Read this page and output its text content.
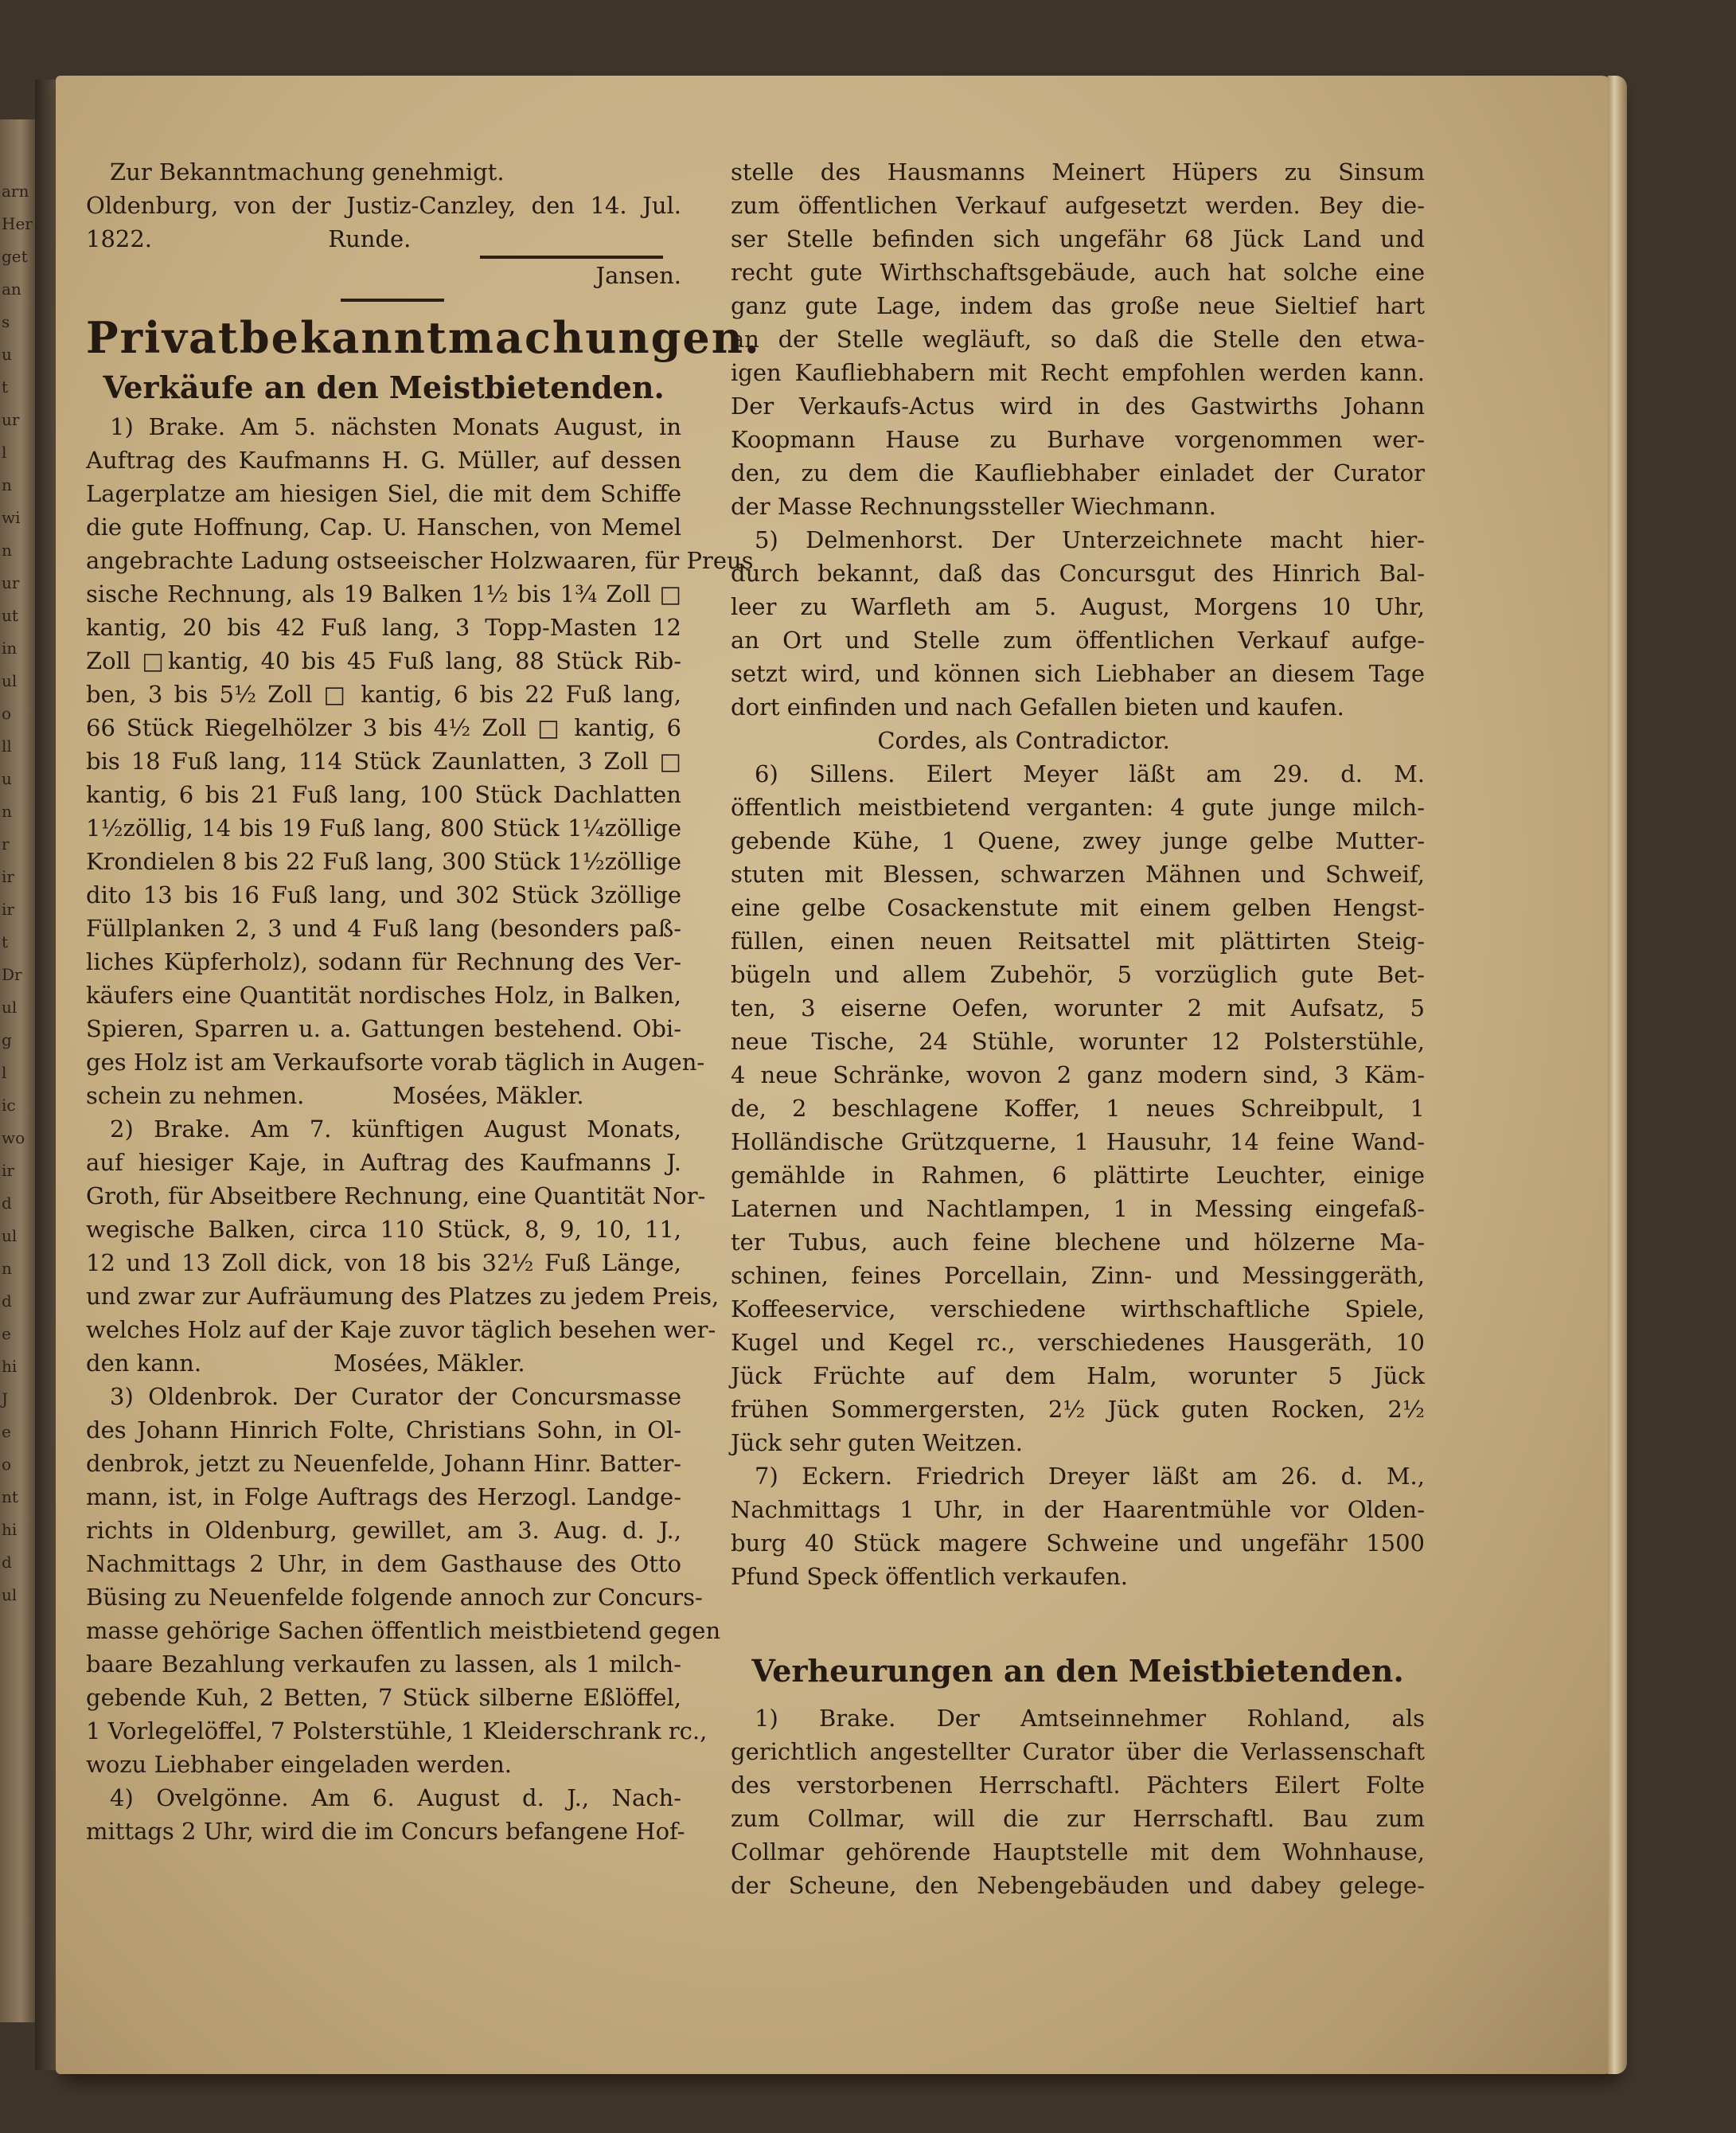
arn
Her
get
an
s
u
t
ur
l
n
wi
n
ur
ut
in
ul
o
ll
u
n
r
ir
ir
t
Dr
ul
g
l
ic
wo
ir
d
ul
n
d
e
hi
J
e
o
nt
hi
d
ul
Zur Bekanntmachung genehmigt.
Oldenburg, von der Justiz-Canzley, den 14. Jul.
1822.                        Runde.
Jansen.
Privatbekanntmachungen.
Verkäufe an den Meistbietenden.
1) Brake. Am 5. nächsten Monats August, in
Auftrag des Kaufmanns H. G. Müller, auf dessen
Lagerplatze am hiesigen Siel, die mit dem Schiffe
die gute Hoffnung, Cap. U. Hanschen, von Memel
angebrachte Ladung ostseeischer Holzwaaren, für Preus
sische Rechnung, als 19 Balken 1½ bis 1¾ Zoll □
kantig, 20 bis 42 Fuß lang, 3 Topp-Masten 12
Zoll □kantig, 40 bis 45 Fuß lang, 88 Stück Rib-
ben, 3 bis 5½ Zoll □ kantig, 6 bis 22 Fuß lang,
66 Stück Riegelhölzer 3 bis 4½ Zoll □ kantig, 6
bis 18 Fuß lang, 114 Stück Zaunlatten, 3 Zoll □
kantig, 6 bis 21 Fuß lang, 100 Stück Dachlatten
1½zöllig, 14 bis 19 Fuß lang, 800 Stück 1¼zöllige
Krondielen 8 bis 22 Fuß lang, 300 Stück 1½zöllige
dito 13 bis 16 Fuß lang, und 302 Stück 3zöllige
Füllplanken 2, 3 und 4 Fuß lang (besonders paß-
liches Küpferholz), sodann für Rechnung des Ver-
käufers eine Quantität nordisches Holz, in Balken,
Spieren, Sparren u. a. Gattungen bestehend. Obi-
ges Holz ist am Verkaufsorte vorab täglich in Augen-
schein zu nehmen.            Mosées, Mäkler.
2) Brake. Am 7. künftigen August Monats,
auf hiesiger Kaje, in Auftrag des Kaufmanns J.
Groth, für Abseitbere Rechnung, eine Quantität Nor-
wegische Balken, circa 110 Stück, 8, 9, 10, 11,
12 und 13 Zoll dick, von 18 bis 32½ Fuß Länge,
und zwar zur Aufräumung des Platzes zu jedem Preis,
welches Holz auf der Kaje zuvor täglich besehen wer-
den kann.                  Mosées, Mäkler.
3) Oldenbrok. Der Curator der Concursmasse
des Johann Hinrich Folte, Christians Sohn, in Ol-
denbrok, jetzt zu Neuenfelde, Johann Hinr. Batter-
mann, ist, in Folge Auftrags des Herzogl. Landge-
richts in Oldenburg, gewillet, am 3. Aug. d. J.,
Nachmittags 2 Uhr, in dem Gasthause des Otto
Büsing zu Neuenfelde folgende annoch zur Concurs-
masse gehörige Sachen öffentlich meistbietend gegen
baare Bezahlung verkaufen zu lassen, als 1 milch-
gebende Kuh, 2 Betten, 7 Stück silberne Eßlöffel,
1 Vorlegelöffel, 7 Polsterstühle, 1 Kleiderschrank rc.,
wozu Liebhaber eingeladen werden.
4) Ovelgönne. Am 6. August d. J., Nach-
mittags 2 Uhr, wird die im Concurs befangene Hof-
stelle des Hausmanns Meinert Hüpers zu Sinsum
zum öffentlichen Verkauf aufgesetzt werden. Bey die-
ser Stelle befinden sich ungefähr 68 Jück Land und
recht gute Wirthschaftsgebäude, auch hat solche eine
ganz gute Lage, indem das große neue Sieltief hart
an der Stelle wegläuft, so daß die Stelle den etwa-
igen Kaufliebhabern mit Recht empfohlen werden kann.
Der Verkaufs-Actus wird in des Gastwirths Johann
Koopmann Hause zu Burhave vorgenommen wer-
den, zu dem die Kaufliebhaber einladet der Curator
der Masse Rechnungssteller Wiechmann.
5) Delmenhorst. Der Unterzeichnete macht hier-
durch bekannt, daß das Concursgut des Hinrich Bal-
leer zu Warfleth am 5. August, Morgens 10 Uhr,
an Ort und Stelle zum öffentlichen Verkauf aufge-
setzt wird, und können sich Liebhaber an diesem Tage
dort einfinden und nach Gefallen bieten und kaufen.
Cordes, als Contradictor.
6) Sillens. Eilert Meyer läßt am 29. d. M.
öffentlich meistbietend verganten: 4 gute junge milch-
gebende Kühe, 1 Quene, zwey junge gelbe Mutter-
stuten mit Blessen, schwarzen Mähnen und Schweif,
eine gelbe Cosackenstute mit einem gelben Hengst-
füllen, einen neuen Reitsattel mit plättirten Steig-
bügeln und allem Zubehör, 5 vorzüglich gute Bet-
ten, 3 eiserne Oefen, worunter 2 mit Aufsatz, 5
neue Tische, 24 Stühle, worunter 12 Polsterstühle,
4 neue Schränke, wovon 2 ganz modern sind, 3 Käm-
de, 2 beschlagene Koffer, 1 neues Schreibpult, 1
Holländische Grützquerne, 1 Hausuhr, 14 feine Wand-
gemählde in Rahmen, 6 plättirte Leuchter, einige
Laternen und Nachtlampen, 1 in Messing eingefaß-
ter Tubus, auch feine blechene und hölzerne Ma-
schinen, feines Porcellain, Zinn- und Messinggeräth,
Koffeeservice, verschiedene wirthschaftliche Spiele,
Kugel und Kegel rc., verschiedenes Hausgeräth, 10
Jück Früchte auf dem Halm, worunter 5 Jück
frühen Sommergersten, 2½ Jück guten Rocken, 2½
Jück sehr guten Weitzen.
7) Eckern. Friedrich Dreyer läßt am 26. d. M.,
Nachmittags 1 Uhr, in der Haarentmühle vor Olden-
burg 40 Stück magere Schweine und ungefähr 1500
Pfund Speck öffentlich verkaufen.
Verheurungen an den Meistbietenden.
1) Brake. Der Amtseinnehmer Rohland, als
gerichtlich angestellter Curator über die Verlassenschaft
des verstorbenen Herrschaftl. Pächters Eilert Folte
zum Collmar, will die zur Herrschaftl. Bau zum
Collmar gehörende Hauptstelle mit dem Wohnhause,
der Scheune, den Nebengebäuden und dabey gelege-
